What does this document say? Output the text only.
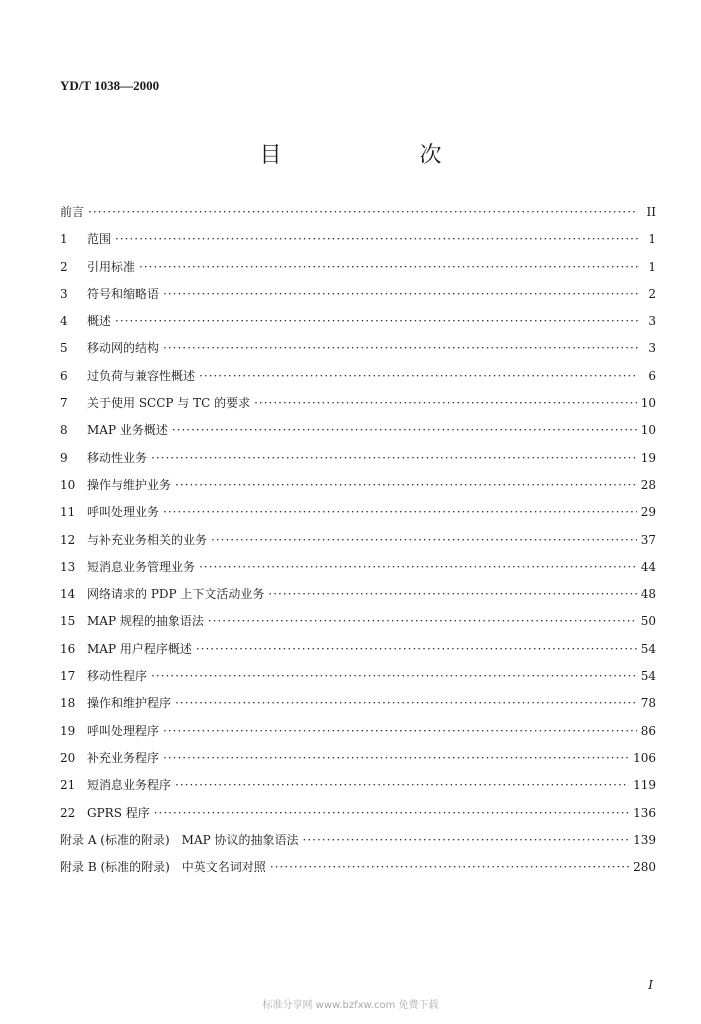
YD/T 1038—2000
目　次
前言 ·····	II
1	范围 ·····	1
2	引用标准 ·····	1
3	符号和缩略语 ·····	2
4	概述 ·····	3
5	移动网的结构 ·····	3
6	过负荷与兼容性概述 ·····	6
7	关于使用 SCCP 与 TC 的要求 ·····	10
8	MAP 业务概述 ·····	10
9	移动性业务 ·····	19
10 操作与维护业务 ·····	28
11 呼叫处理业务 ·····	29
12 与补充业务相关的业务 ·····	37
13 短消息业务管理业务 ·····	44
14 网络请求的 PDP 上下文活动业务 ·····	48
15 MAP 规程的抽象语法 ·····	50
16 MAP 用户程序概述 ·····	54
17 移动性程序 ·····	54
18 操作和维护程序 ·····	78
19 呼叫处理程序 ·····	86
20 补充业务程序 ·····	106
21 短消息业务程序 ·····	119
22 GPRS 程序 ·····	136
附录 A (标准的附录)　MAP 协议的抽象语法 ·····	139
附录 B (标准的附录)　中英文名词对照 ·····	280
I
标准分享网 www.bzfxw.com 免费下载
